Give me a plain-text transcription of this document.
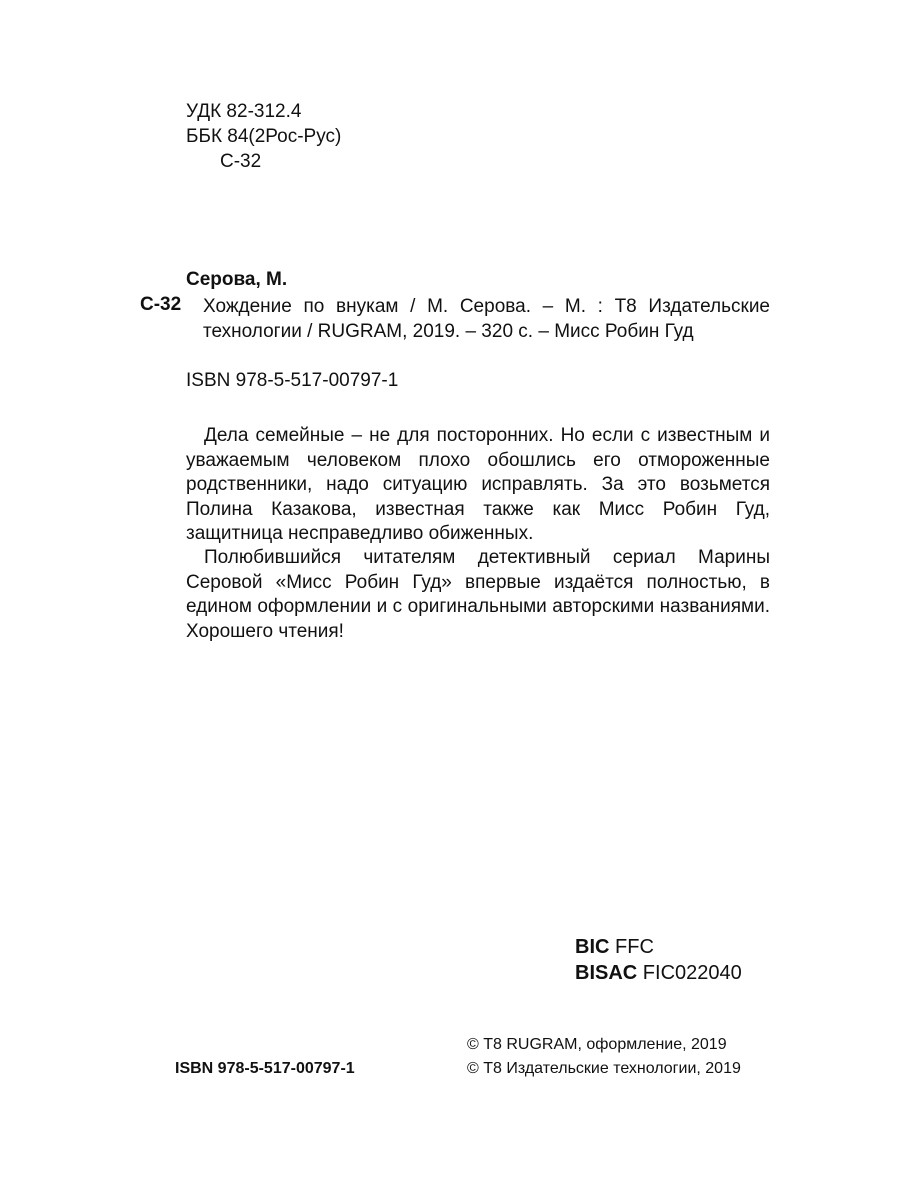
УДК 82-312.4
ББК 84(2Рос-Рус)
С-32
Серова, М.
С-32 Хождение по внукам / М. Серова. – М. : Т8 Издательские
технологии / RUGRAM, 2019. – 320 с. – Мисс Робин Гуд
ISBN 978-5-517-00797-1

Дела семейные – не для посторонних. Но если с известным и уважаемым человеком плохо обошлись его отмороженные родственники, надо ситуацию исправлять. За это возьмется Полина Казакова, известная также как Мисс Робин Гуд, защитница несправедливо обиженных.

Полюбившийся читателям детективный сериал Марины Серовой «Мисс Робин Гуд» впервые издаётся полностью, в едином оформлении и с оригинальными авторскими названиями. Хорошего чтения!

BIC FFC
BISAC FIC022040
ISBN 978-5-517-00797-1
© Т8 RUGRAM, оформление, 2019
© Т8 Издательские технологии, 2019
